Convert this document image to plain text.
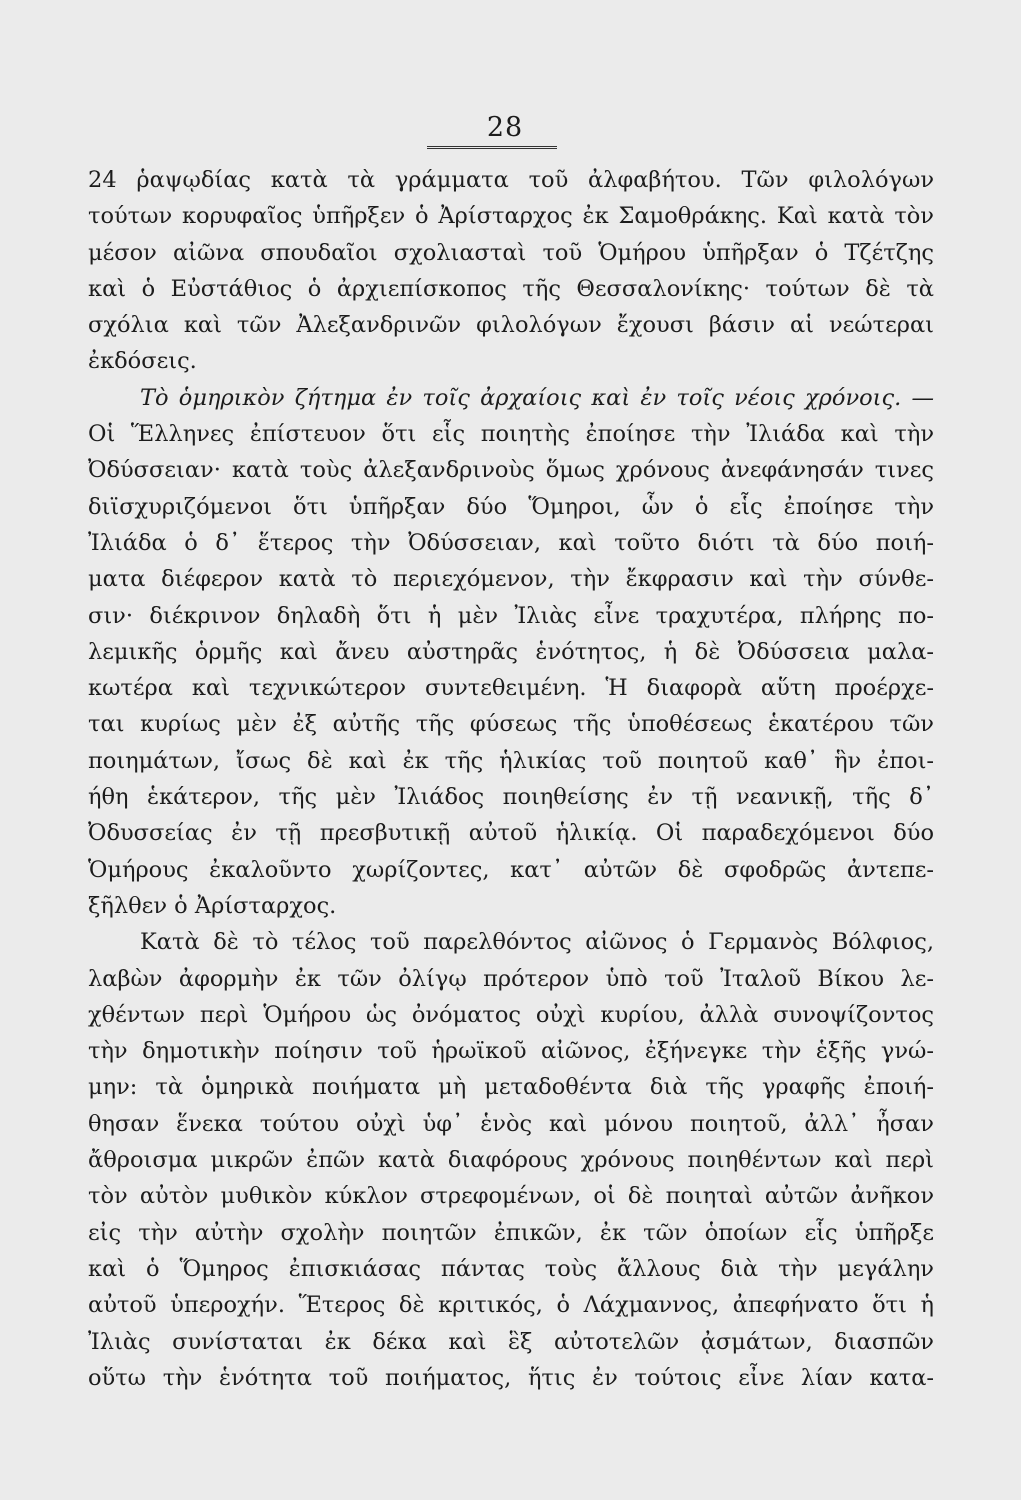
28
24 ῥαψῳδίας κατὰ τὰ γράμματα τοῦ ἀλφαβήτου. Τῶν φιλολόγων
τούτων κορυφαῖος ὑπῆρξεν ὁ Ἀρίσταρχος ἐκ Σαμοθράκης. Καὶ κατὰ τὸν
μέσον αἰῶνα σπουδαῖοι σχολιασταὶ τοῦ Ὁμήρου ὑπῆρξαν ὁ Τζέτζης
καὶ ὁ Εὐστάθιος ὁ ἀρχιεπίσκοπος τῆς Θεσσαλονίκης· τούτων δὲ τὰ
σχόλια καὶ τῶν Ἀλεξανδρινῶν φιλολόγων ἔχουσι βάσιν αἱ νεώτεραι
ἐκδόσεις.
Τὸ ὁμηρικὸν ζήτημα ἐν τοῖς ἀρχαίοις καὶ ἐν τοῖς νέοις χρόνοις. —
Οἱ Ἕλληνες ἐπίστευον ὅτι εἷς ποιητὴς ἐποίησε τὴν Ἰλιάδα καὶ τὴν
Ὀδύσσειαν· κατὰ τοὺς ἀλεξανδρινοὺς ὅμως χρόνους ἀνεφάνησάν τινες
διϊσχυριζόμενοι ὅτι ὑπῆρξαν δύο Ὅμηροι, ὧν ὁ εἷς ἐποίησε τὴν
Ἰλιάδα ὁ δ᾽ ἕτερος τὴν Ὀδύσσειαν, καὶ τοῦτο διότι τὰ δύο ποιή-
ματα διέφερον κατὰ τὸ περιεχόμενον, τὴν ἔκφρασιν καὶ τὴν σύνθε-
σιν· διέκρινον δηλαδὴ ὅτι ἡ μὲν Ἰλιὰς εἶνε τραχυτέρα, πλήρης πο-
λεμικῆς ὁρμῆς καὶ ἄνευ αὐστηρᾶς ἑνότητος, ἡ δὲ Ὀδύσσεια μαλα-
κωτέρα καὶ τεχνικώτερον συντεθειμένη. Ἡ διαφορὰ αὕτη προέρχε-
ται κυρίως μὲν ἐξ αὐτῆς τῆς φύσεως τῆς ὑποθέσεως ἑκατέρου τῶν
ποιημάτων, ἴσως δὲ καὶ ἐκ τῆς ἡλικίας τοῦ ποιητοῦ καθ᾽ ἣν ἐποι-
ήθη ἑκάτερον, τῆς μὲν Ἰλιάδος ποιηθείσης ἐν τῇ νεανικῇ, τῆς δ᾽
Ὀδυσσείας ἐν τῇ πρεσβυτικῇ αὐτοῦ ἡλικίᾳ. Οἱ παραδεχόμενοι δύο
Ὁμήρους ἐκαλοῦντο χωρίζοντες, κατ᾽ αὐτῶν δὲ σφοδρῶς ἀντεπε-
ξῆλθεν ὁ Ἀρίσταρχος.
Κατὰ δὲ τὸ τέλος τοῦ παρελθόντος αἰῶνος ὁ Γερμανὸς Βόλφιος,
λαβὼν ἀφορμὴν ἐκ τῶν ὀλίγῳ πρότερον ὑπὸ τοῦ Ἰταλοῦ Βίκου λε-
χθέντων περὶ Ὁμήρου ὡς ὀνόματος οὐχὶ κυρίου, ἀλλὰ συνοψίζοντος
τὴν δημοτικὴν ποίησιν τοῦ ἡρωϊκοῦ αἰῶνος, ἐξήνεγκε τὴν ἑξῆς γνώ-
μην: τὰ ὁμηρικὰ ποιήματα μὴ μεταδοθέντα διὰ τῆς γραφῆς ἐποιή-
θησαν ἕνεκα τούτου οὐχὶ ὑφ᾽ ἑνὸς καὶ μόνου ποιητοῦ, ἀλλ᾽ ἦσαν
ἄθροισμα μικρῶν ἐπῶν κατὰ διαφόρους χρόνους ποιηθέντων καὶ περὶ
τὸν αὐτὸν μυθικὸν κύκλον στρεφομένων, οἱ δὲ ποιηταὶ αὐτῶν ἀνῆκον
εἰς τὴν αὐτὴν σχολὴν ποιητῶν ἐπικῶν, ἐκ τῶν ὁποίων εἷς ὑπῆρξε
καὶ ὁ Ὅμηρος ἐπισκιάσας πάντας τοὺς ἄλλους διὰ τὴν μεγάλην
αὐτοῦ ὑπεροχήν. Ἕτερος δὲ κριτικός, ὁ Λάχμαννος, ἀπεφήνατο ὅτι ἡ
Ἰλιὰς συνίσταται ἐκ δέκα καὶ ἓξ αὐτοτελῶν ᾀσμάτων, διασπῶν
οὕτω τὴν ἑνότητα τοῦ ποιήματος, ἥτις ἐν τούτοις εἶνε λίαν κατα-
